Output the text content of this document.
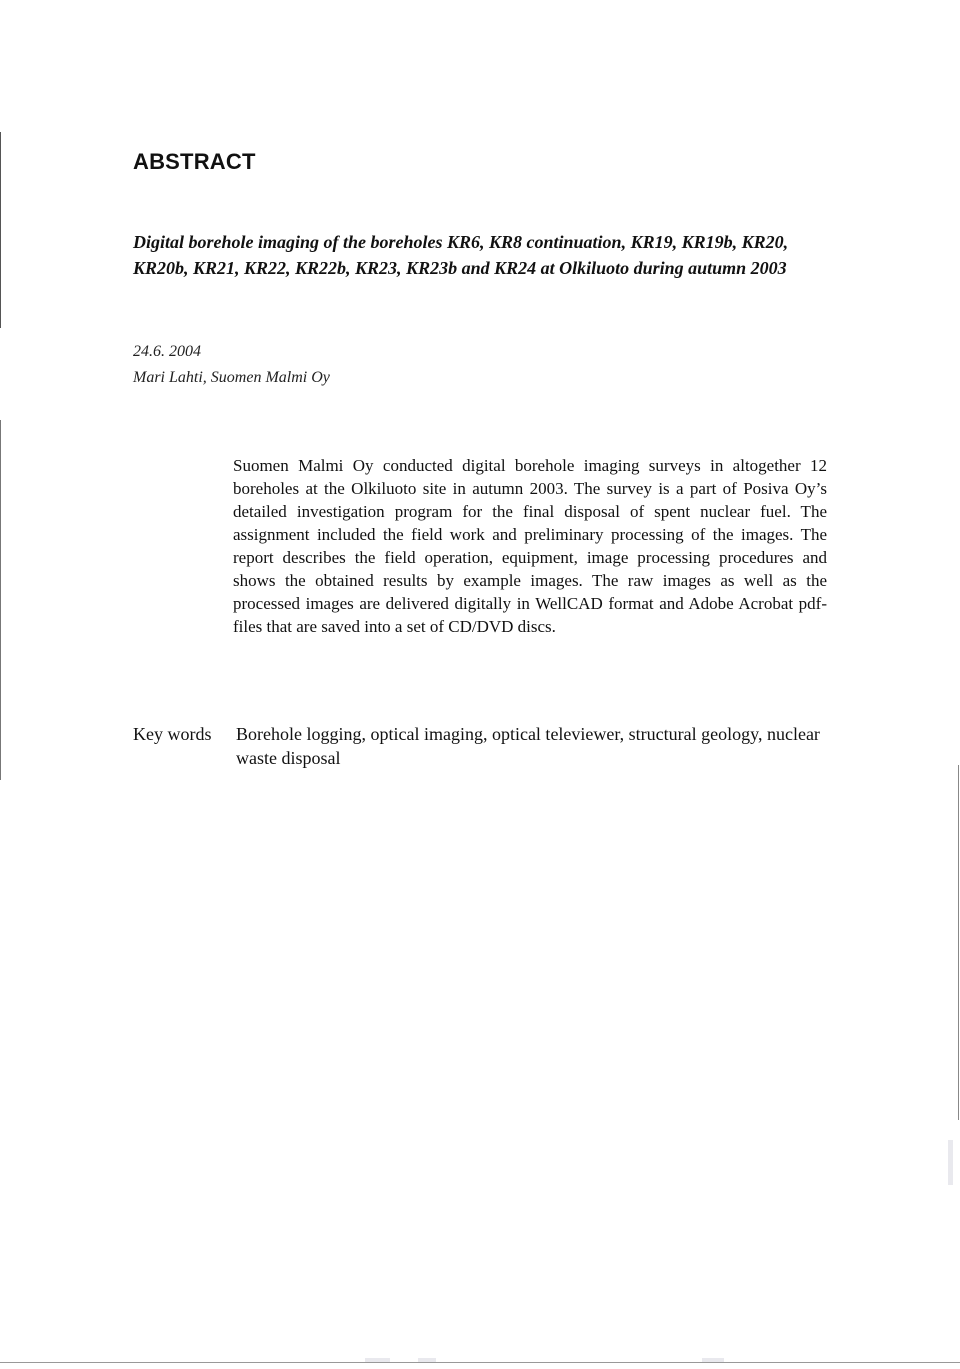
ABSTRACT
Digital borehole imaging of the boreholes KR6, KR8 continuation, KR19, KR19b, KR20, KR20b, KR21, KR22, KR22b, KR23, KR23b and KR24 at Olkiluoto during autumn 2003
24.6. 2004
Mari Lahti, Suomen Malmi Oy
Suomen Malmi Oy conducted digital borehole imaging surveys in altogether 12 boreholes at the Olkiluoto site in autumn 2003. The survey is a part of Posiva Oy’s detailed investigation program for the final disposal of spent nuclear fuel. The assignment included the field work and preliminary processing of the images. The report describes the field operation, equipment, image processing procedures and shows the obtained results by example images. The raw images as well as the processed images are delivered digitally in WellCAD format and Adobe Acrobat pdf-files that are saved into a set of CD/DVD discs.
Key words	Borehole logging, optical imaging, optical televiewer, structural geology, nuclear waste disposal
